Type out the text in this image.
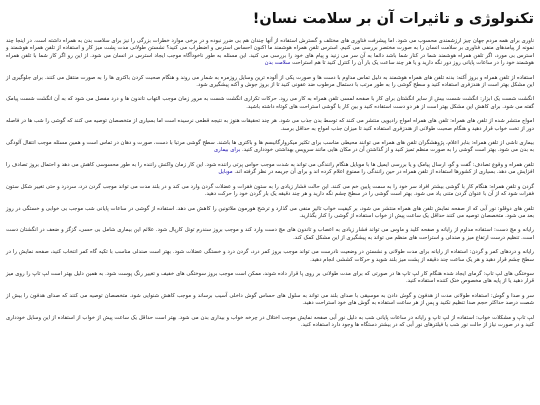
تکنولوژی و تاثیرات آن بر سلامت نسان!

ناوری برای همه مردم جهان چیز ارزشمندی محسوب می شود. اما پیشرفت فناوری های مختلف و گسترش استفاده از آنها چندان هم بی ضرر نبوده و در برخی موارد خطرات بزرگی را نیز برای سلامت بدن به همراه داشته است. در اینجا چند نمونه از پیامدهای منفی فناوری بر سلامت انسان را به صورت مختصر بررسی می کنیم. استرس تلفن همراه هوشمند ما اکنون احساس استرس و اضطراب می کنید؟ نشستن طولانی مدت پشت میز کار و استفاده از تلفن همراه هوشمند و استرس بی مورد، اگر تلفن همراه هوشمند شما در کنار شما باشد دائما به آن سر می زنید و پیام های خود را بررسی می کنید. این مسئله به طور ناخودآگاه موجب ایجاد استرس در انسان می شود. از این رو اگر کار شما با تلفن همراه هوشمند خود را در ساعات پایانی روز دور نگه دارید و یا هر چند ساعت یک بار آن را کنترل کنید تا هم استراحت سلامت بدن

استفاده از تلفن همراه و بروز آکنه: بدنه تلفن های همراه هوشمند به دلیل تماس مداوم با دست ها و صورت یکی از آلوده ترین وسایل روزمره به شمار می روند و هنگام صحبت کردن باکتری ها را به صورت منتقل می کنند. برای جلوگیری از این مشکل بهتر است از هندزفری استفاده کنید و سطح گوشی را به طور مرتب با دستمال مرطوب ضد عفونی کنید تا از بروز جوش و آکنه پیشگیری شود.

انگشت شست یک ابزار: انگشت شست بیش از سایر انگشتان برای کار با صفحه لمسی تلفن همراه به کار می رود. حرکات تکراری انگشت شست به مرور زمان موجب التهاب تاندون ها و درد مفصل می شود که به آن انگشت شست پیامک گفته می شود. برای کاهش این مشکل بهتر است از هر دو دست استفاده کنید و بین کار با گوشی استراحت های کوتاه داشته باشید.

امواج منتشر شده از تلفن های همراه: تلفن های همراه امواج رادیویی منتشر می کنند که توسط بدن جذب می شود. هر چند تحقیقات هنوز به نتیجه قطعی نرسیده است اما بسیاری از متخصصان توصیه می کنند که گوشی را شب ها در فاصله دور از تخت خواب قرار دهید و هنگام صحبت طولانی از هندزفری استفاده کنید تا میزان جذب امواج به حداقل برسد.

بیماری ناشی از تلفن همراه: بنابر اعلام، پژوهشگران تلفن های همراه می توانند محیطی مناسب برای تکثیر میکروارگانیسم ها و باکتری ها باشند. سطح گوشی مرتبا با دست، صورت و دهان در تماس است و همین مسئله موجب انتقال آلودگی به بدن می شود. بهتر است گوشی را به صورت منظم تمیز کنید و از گذاشتن آن در مکان هایی مانند سرویس بهداشتی خودداری کنید. برای بیماری

تلفن همراه و وقوع تصادف: گفت و گو، ارسال پیامک و یا بررسی ایمیل ها با موبایل هنگام رانندگی می تواند به شدت موجب حواس پرتی راننده شود. این کار زمان واکنش راننده را به طور محسوسی کاهش می دهد و احتمال بروز تصادف را افزایش می دهد. بسیاری از کشورها استفاده از تلفن همراه در حین رانندگی را ممنوع اعلام کرده اند و برای آن جریمه در نظر گرفته اند. موبایل

گردن و تلفن همراه: هنگام کار با گوشی بیشتر افراد سر خود را به سمت پایین خم می کنند. این حالت فشار زیادی را به ستون فقرات و عضلات گردن وارد می کند و در بلند مدت می تواند موجب گردن درد، سردرد و حتی تغییر شکل ستون فقرات شود که از آن با عنوان گردن متنی یاد می شود. بهتر است گوشی را در سطح چشم نگه دارید و هر چند دقیقه یک بار گردن خود را حرکت دهید.

تلفن های دوقلو: نور آبی که از صفحه نمایش تلفن های همراه منتشر می شود، بر کیفیت خواب تاثیر منفی می گذارد و ترشح هورمون ملاتونین را کاهش می دهد. استفاده از گوشی در ساعات پایانی شب موجب بی خوابی و خستگی در روز بعد می شود. متخصصان توصیه می کنند حداقل یک ساعت پیش از خواب استفاده از گوشی را کنار بگذارید.

رایانه و مچ دست: استفاده مداوم از رایانه و صفحه کلید و ماوس می تواند فشار زیادی به اعصاب و تاندون های مچ دست وارد کند و موجب بروز سندرم تونل کارپال شود. علائم این بیماری شامل بی حسی، گزگز و ضعف در انگشتان دست است. تنظیم درست ارتفاع میز و صندلی و استراحت های منظم می تواند به پیشگیری از این مشکل کمک کند.

رایانه و دردهای کمر و گردن: استفاده از رایانه برای مدت طولانی و نشستن در وضعیت نادرست می تواند موجب بروز کمر درد، گردن درد و خستگی عضلات شود. بهتر است صندلی مناسب با تکیه گاه کمر انتخاب کنید، صفحه نمایش را در سطح چشم قرار دهید و هر یک ساعت چند دقیقه از پشت میز بلند شوید و حرکات کششی انجام دهید.

سوختگی های لپ تاپ: گرمای ایجاد شده هنگام کار لپ تاپ ها در صورتی که برای مدت طولانی بر روی پا قرار داده شوند، ممکن است موجب بروز سوختگی های خفیف و تغییر رنگ پوست شود. به همین دلیل بهتر است لپ تاپ را روی میز قرار دهید یا از پایه های مخصوص خنک کننده استفاده کنید.

سر و صدا و گوش: استفاده طولانی مدت از هدفون و گوش دادن به موسیقی با صدای بلند می تواند به سلول های حساس گوش داخلی آسیب برساند و موجب کاهش شنوایی شود. متخصصان توصیه می کنند که صدای هدفون را بیش از شصت درصد حداکثر حجم صدا تنظیم نکنید و پس از هر ساعت استفاده به گوش های خود استراحت دهید.

لپ تاپ و مشکلات خواب: استفاده از لپ تاپ و رایانه در ساعات پایانی شب به دلیل نور آبی صفحه نمایش موجب اختلال در چرخه خواب و بیداری بدن می شود. بهتر است حداقل یک ساعت پیش از خواب از استفاده از این وسایل خودداری کنید و در صورت نیاز از حالت نور شب یا فیلترهای نور آبی که در بیشتر دستگاه ها وجود دارد استفاده کنید.
